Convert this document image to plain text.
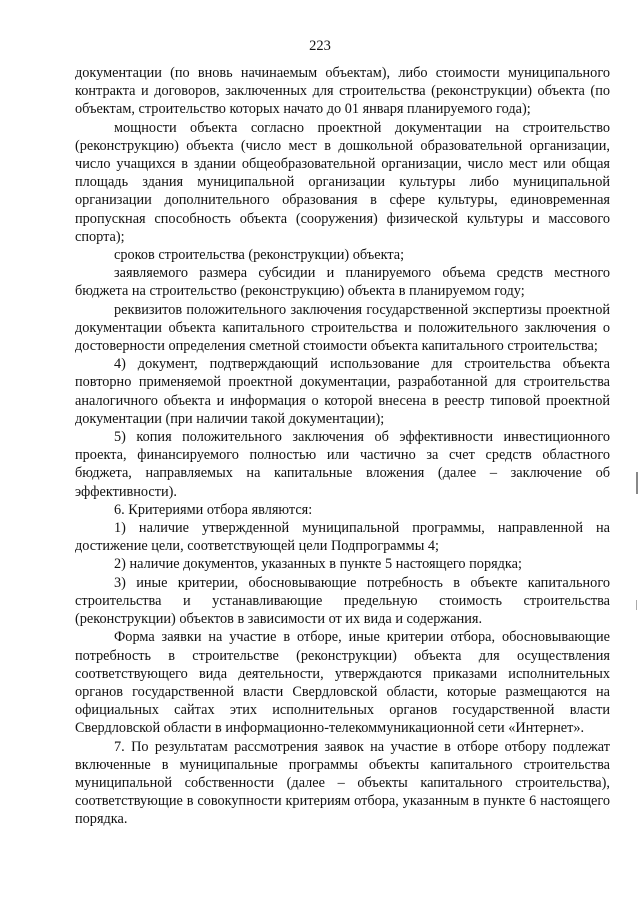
223

документации (по вновь начинаемым объектам), либо стоимости муниципального контракта и договоров, заключенных для строительства (реконструкции) объекта (по объектам, строительство которых начато до 01 января планируемого года);

мощности объекта согласно проектной документации на строительство (реконструкцию) объекта (число мест в дошкольной образовательной организации, число учащихся в здании общеобразовательной организации, число мест или общая площадь здания муниципальной организации культуры либо муниципальной организации дополнительного образования в сфере культуры, единовременная пропускная способность объекта (сооружения) физической культуры и массового спорта);

сроков строительства (реконструкции) объекта;

заявляемого размера субсидии и планируемого объема средств местного бюджета на строительство (реконструкцию) объекта в планируемом году;

реквизитов положительного заключения государственной экспертизы проектной документации объекта капитального строительства и положительного заключения о достоверности определения сметной стоимости объекта капитального строительства;

4) документ, подтверждающий использование для строительства объекта повторно применяемой проектной документации, разработанной для строительства аналогичного объекта и информация о которой внесена в реестр типовой проектной документации (при наличии такой документации);

5) копия положительного заключения об эффективности инвестиционного проекта, финансируемого полностью или частично за счет средств областного бюджета, направляемых на капитальные вложения (далее – заключение об эффективности).

6. Критериями отбора являются:

1) наличие утвержденной муниципальной программы, направленной на достижение цели, соответствующей цели Подпрограммы 4;

2) наличие документов, указанных в пункте 5 настоящего порядка;

3) иные критерии, обосновывающие потребность в объекте капитального строительства и устанавливающие предельную стоимость строительства (реконструкции) объектов в зависимости от их вида и содержания.

Форма заявки на участие в отборе, иные критерии отбора, обосновывающие потребность в строительстве (реконструкции) объекта для осуществления соответствующего вида деятельности, утверждаются приказами исполнительных органов государственной власти Свердловской области, которые размещаются на официальных сайтах этих исполнительных органов государственной власти Свердловской области в информационно-телекоммуникационной сети «Интернет».

7. По результатам рассмотрения заявок на участие в отборе отбору подлежат включенные в муниципальные программы объекты капитального строительства муниципальной собственности (далее – объекты капитального строительства), соответствующие в совокупности критериям отбора, указанным в пункте 6 настоящего порядка.
